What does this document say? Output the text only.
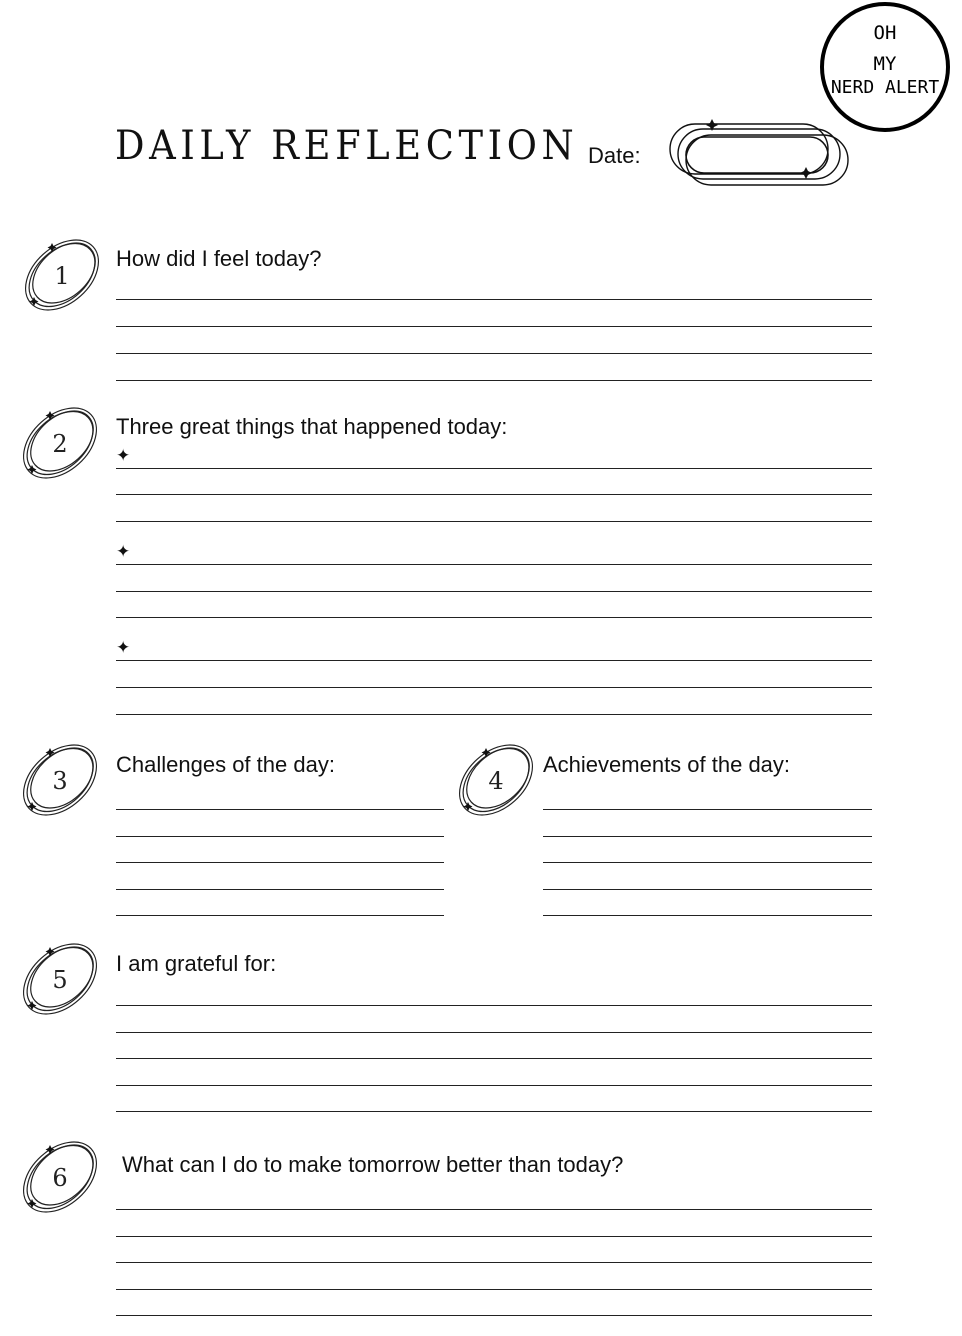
DAILY REFLECTION Date:
OH
MY
NERD ALERT
1
How did I feel today?
2
Three great things that happened today:
✦
✦
✦
3
Challenges of the day:
4
Achievements of the day:
5
I am grateful for:
6 What can I do to make tomorrow better than today?
